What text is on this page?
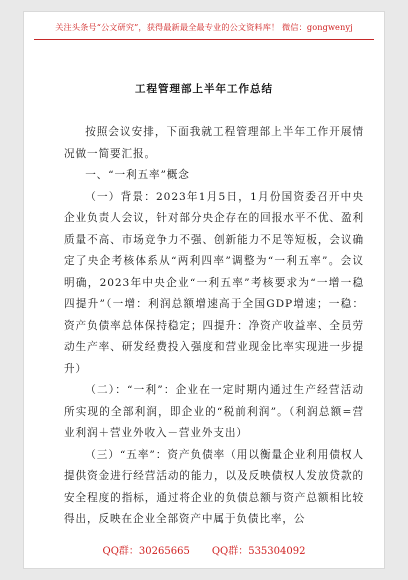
关注头条号“公文研究”，获得最新最全最专业的公文资料库！ 微信：gongwenyj
工程管理部上半年工作总结

按照会议安排，下面我就工程管理部上半年工作开展情况做一简要汇报。

一、“一利五率”概念

（一）背景：2023年1月5日，1月份国资委召开中央企业负责人会议，针对部分央企存在的回报水平不优、盈利质量不高、市场竞争力不强、创新能力不足等短板，会议确定了央企考核体系从“两利四率”调整为“一利五率”。会议明确，2023年中央企业“一利五率”考核要求为“一增一稳四提升”（一增：利润总额增速高于全国GDP增速；一稳：资产负债率总体保持稳定；四提升：净资产收益率、全员劳动生产率、研发经费投入强度和营业现金比率实现进一步提升）

（二）：“一利”：企业在一定时期内通过生产经营活动所实现的全部利润，即企业的“税前利润”。（利润总额=营业利润＋营业外收入－营业外支出）

（三）“五率”：资产负债率（用以衡量企业利用债权人提供资金进行经营活动的能力，以及反映债权人发放贷款的安全程度的指标，通过将企业的负债总额与资产总额相比较得出，反映在企业全部资产中属于负债比率，公

QQ群：30265665 QQ群：535304092
